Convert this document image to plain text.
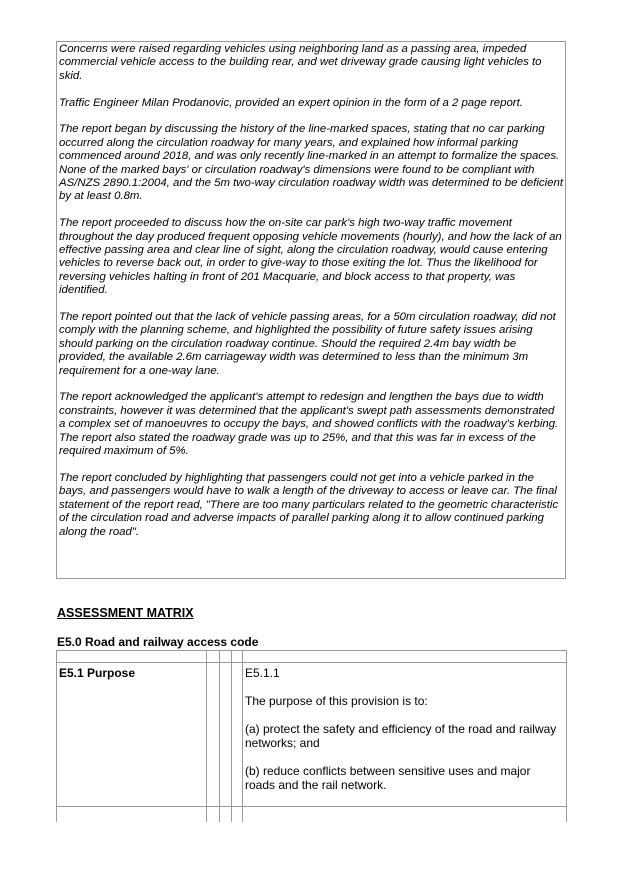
Concerns were raised regarding vehicles using neighboring land as a passing area, impeded commercial vehicle access to the building rear, and wet driveway grade causing light vehicles to skid.

Traffic Engineer Milan Prodanovic, provided an expert opinion in the form of a 2 page report.

The report began by discussing the history of the line-marked spaces, stating that no car parking occurred along the circulation roadway for many years, and explained how informal parking commenced around 2018, and was only recently line-marked in an attempt to formalize the spaces. None of the marked bays' or circulation roadway's dimensions were found to be compliant with AS/NZS 2890.1:2004, and the 5m two-way circulation roadway width was determined to be deficient by at least 0.8m.

The report proceeded to discuss how the on-site car park's high two-way traffic movement throughout the day produced frequent opposing vehicle movements (hourly), and how the lack of an effective passing area and clear line of sight, along the circulation roadway, would cause entering vehicles to reverse back out, in order to give-way to those exiting the lot. Thus the likelihood for reversing vehicles halting in front of 201 Macquarie, and block access to that property, was identified.

The report pointed out that the lack of vehicle passing areas, for a 50m circulation roadway, did not comply with the planning scheme, and highlighted the possibility of future safety issues arising should parking on the circulation roadway continue. Should the required 2.4m bay width be provided, the available 2.6m carriageway width was determined to less than the minimum 3m requirement for a one-way lane.

The report acknowledged the applicant's attempt to redesign and lengthen the bays due to width constraints, however it was determined that the applicant's swept path assessments demonstrated a complex set of manoeuvres to occupy the bays, and showed conflicts with the roadway's kerbing. The report also stated the roadway grade was up to 25%, and that this was far in excess of the required maximum of 5%.

The report concluded by highlighting that passengers could not get into a vehicle parked in the bays, and passengers would have to walk a length of the driveway to access or leave car. The final statement of the report read, "There are too many particulars related to the geometric characteristic of the circulation road and adverse impacts of parallel parking along it to allow continued parking along the road".

ASSESSMENT MATRIX
E5.0 Road and railway access code
E5.1 Purpose	E5.1.1

The purpose of this provision is to:

(a) protect the safety and efficiency of the road and railway networks; and

(b) reduce conflicts between sensitive uses and major roads and the rail network.
